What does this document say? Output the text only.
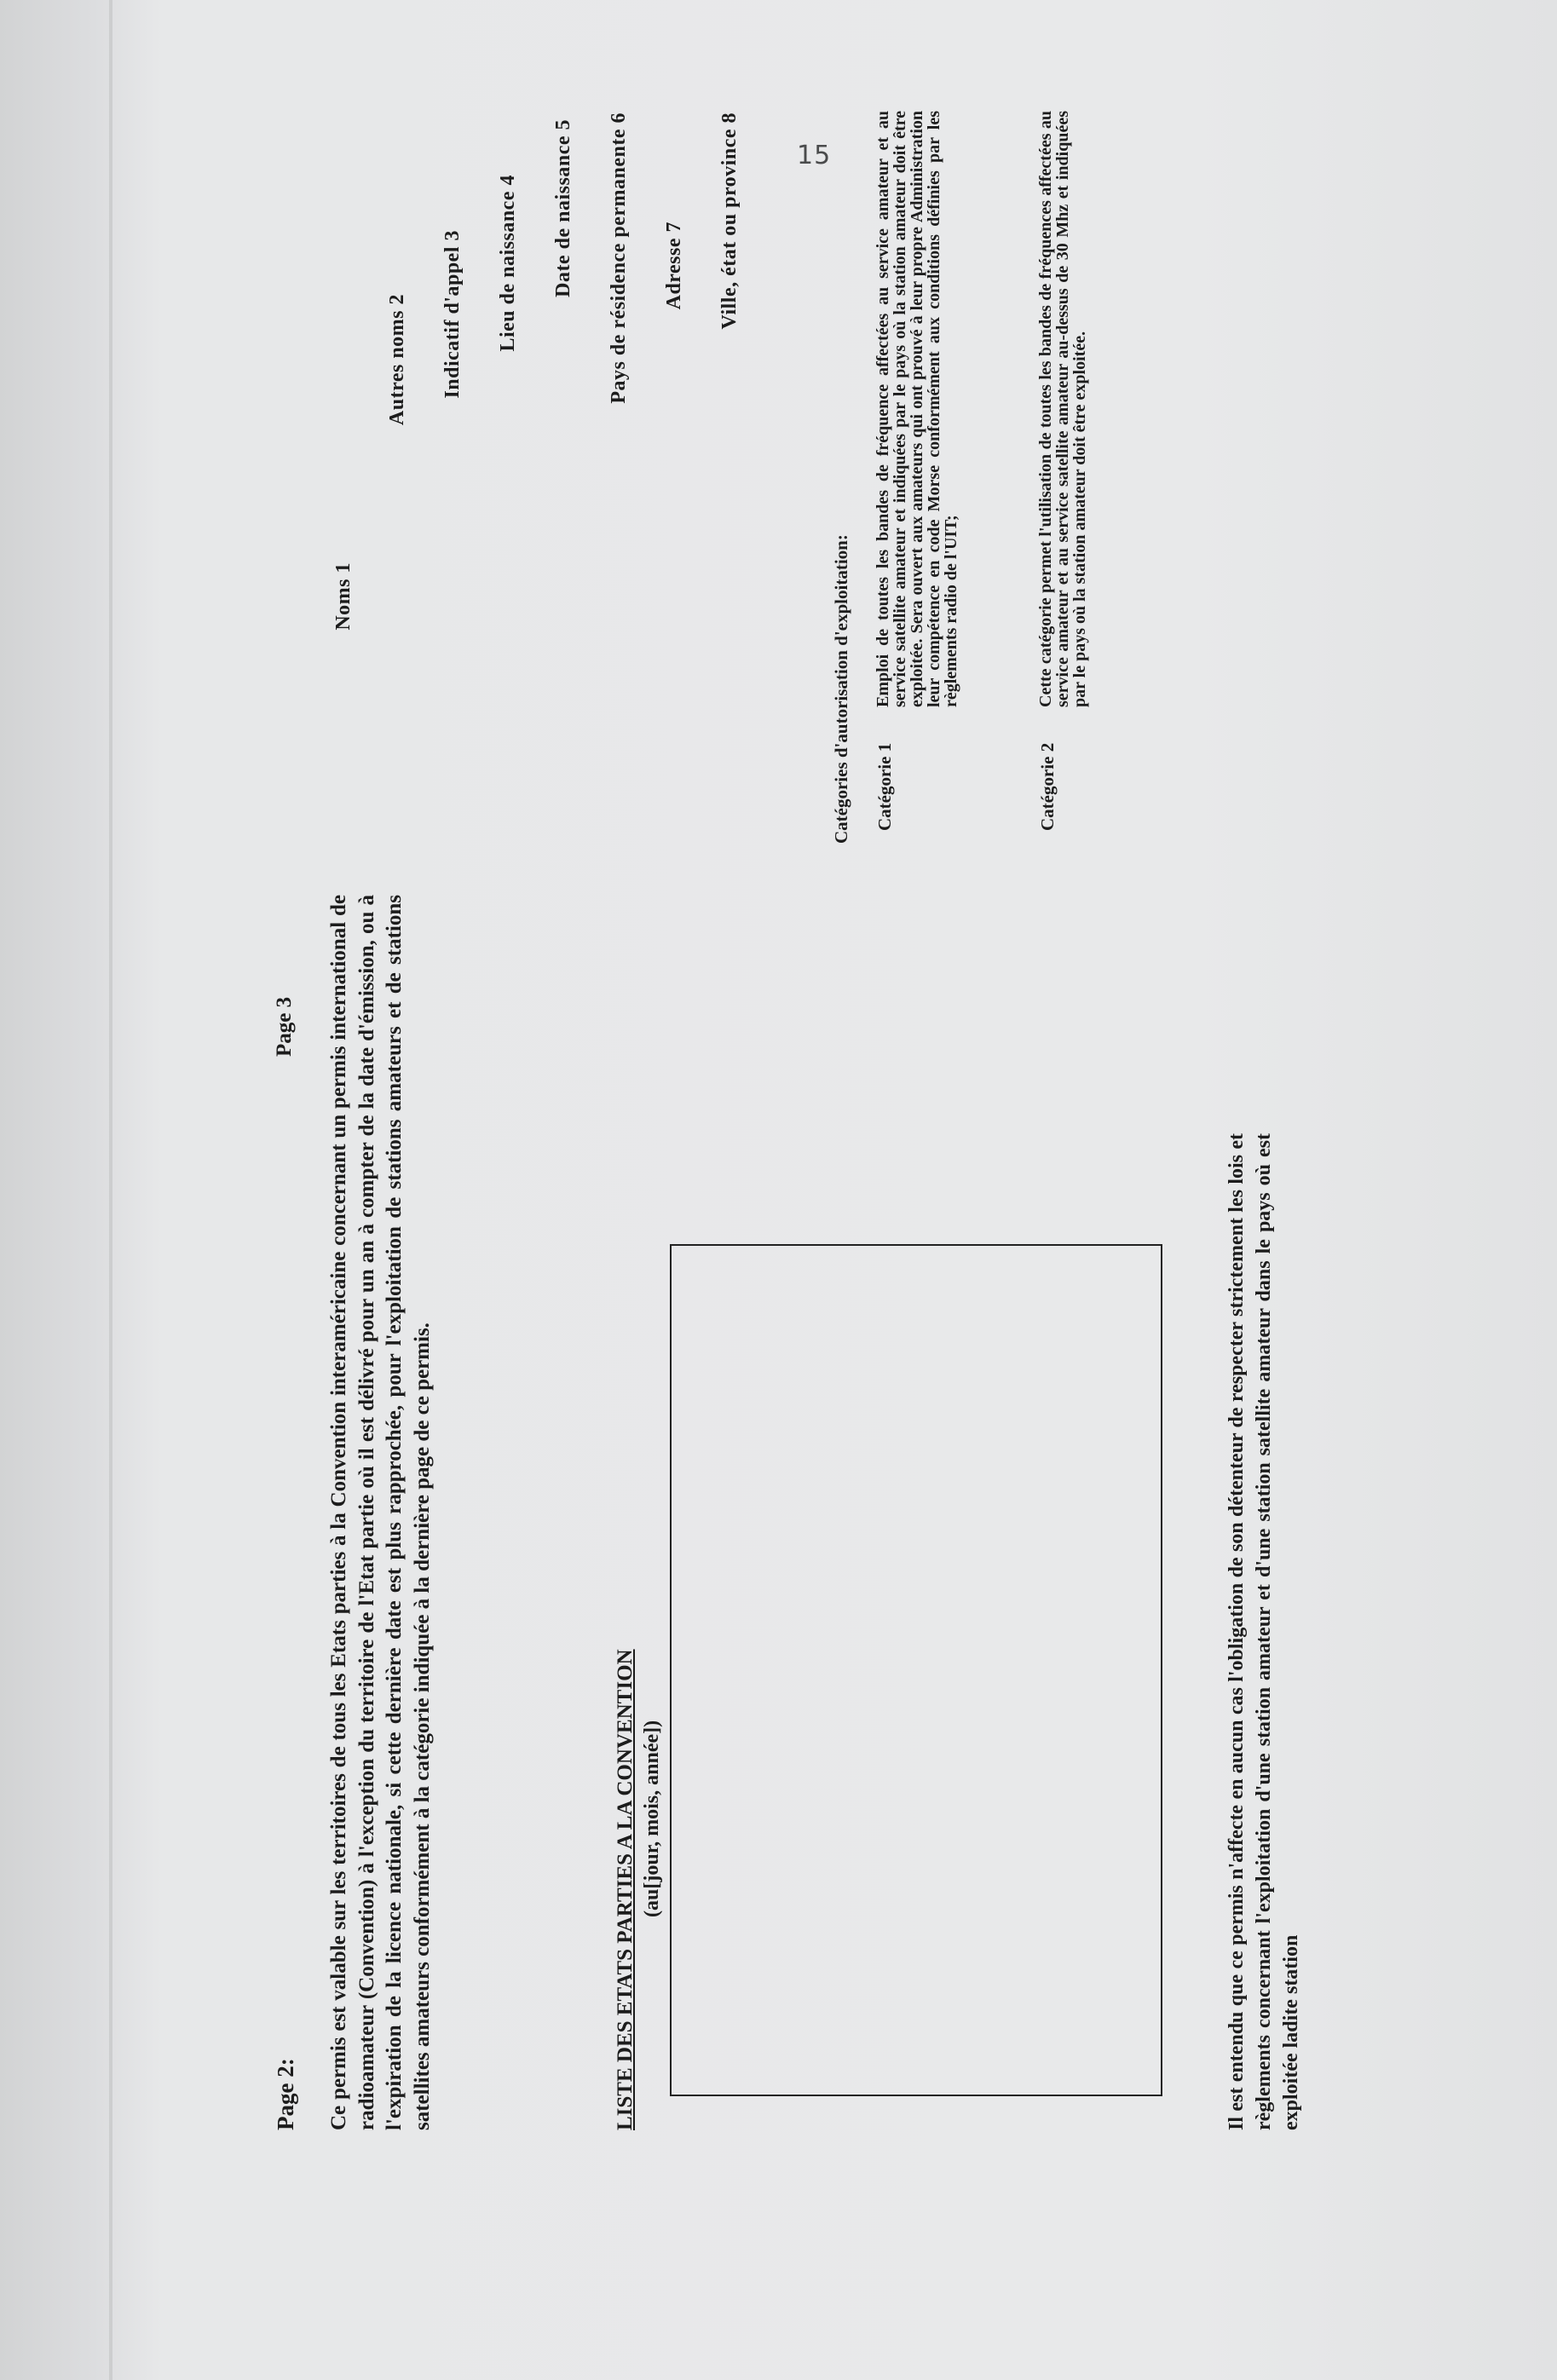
15
Page 2: Ce permis est valable sur les territoires de tous les Etats parties à la Convention interaméricaine concernant un permis international de radioamateur (Convention) à l'exception du territoire de l'Etat partie où il est délivré pour un an à compter de la date d'émission, ou à l'expiration de la licence nationale, si cette dernière date est plus rapprochée, pour l'exploitation de stations amateurs et de stations satellites amateurs conformément à la catégorie indiquée à la dernière page de ce permis.	LISTE DES ETATS PARTIES A LA CONVENTION (au[jour, mois, année])	Il est entendu que ce permis n'affecte en aucun cas l'obligation de son détenteur de respecter strictement les lois et règlements concernant l'exploitation d'une station amateur et d'une station satellite amateur dans le pays où est exploitée ladite station
Page 3
Noms 1
Autres noms 2 Indicatif d'appel 3 Lieu de naissance 4 Date de naissance 5 Pays de résidence permanente 6 Adresse 7 Ville, état ou province 8
Catégories d'autorisation d'exploitation: Catégorie 1
Emploi de toutes les bandes de fréquence affectées au service amateur et au service satellite amateur et indiquées par le pays où la station amateur doit être exploitée. Sera ouvert aux amateurs qui ont prouvé à leur propre Administration leur compétence en code Morse conformément aux conditions définies par les règlements radio de l'UIT;
Catégorie 2
Cette catégorie permet l'utilisation de toutes les bandes de fréquences affectées au service amateur et au service satellite amateur au-dessus de 30 Mhz et indiquées par le pays où la station amateur doit être exploitée.
